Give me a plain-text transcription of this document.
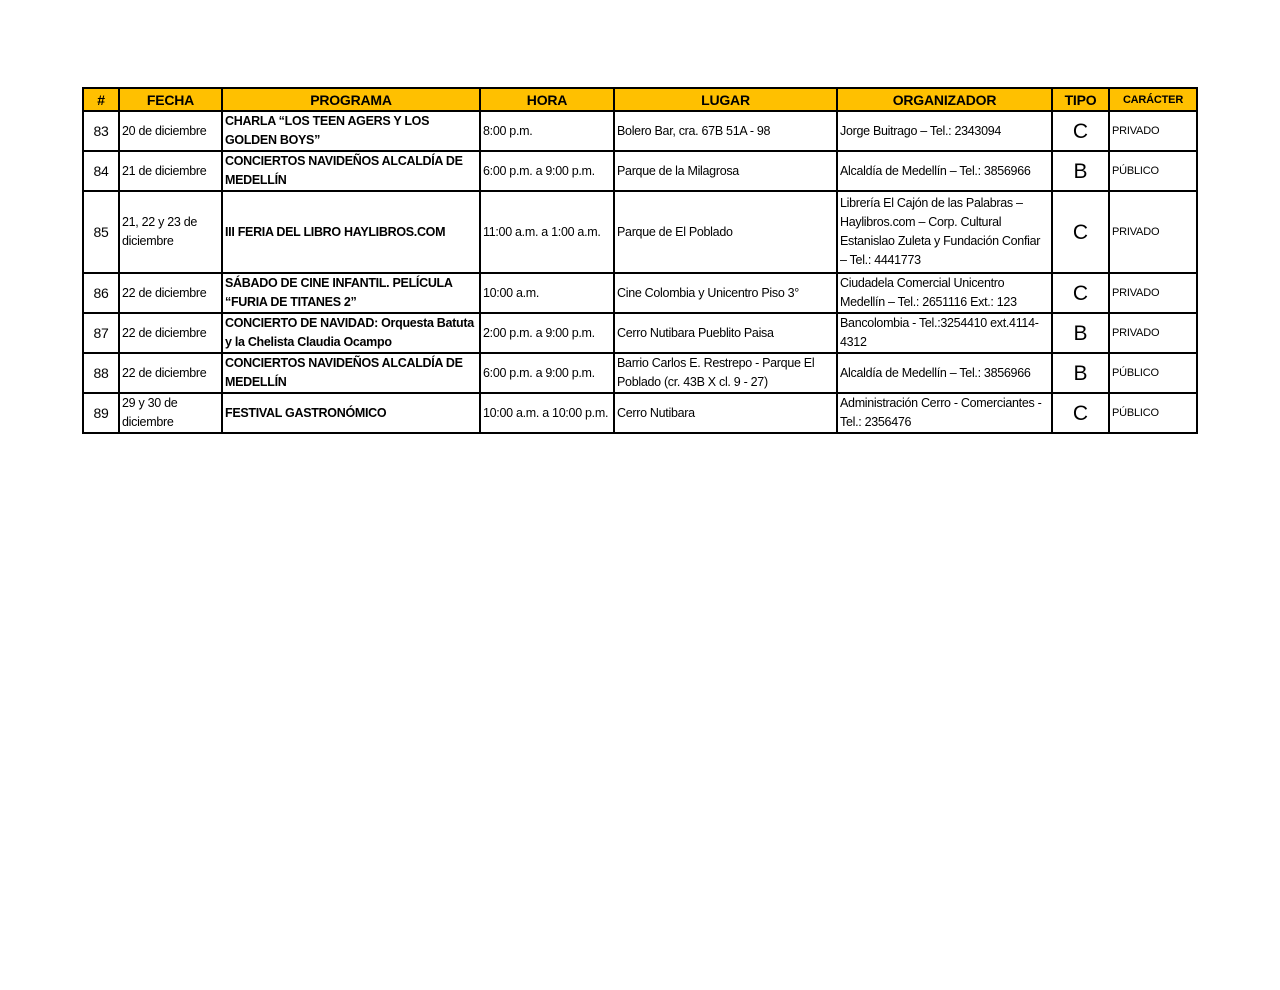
#	FECHA	PROGRAMA	HORA	LUGAR	ORGANIZADOR	TIPO	CARÁCTER
83	20 de diciembre	CHARLA “LOS TEEN AGERS Y LOS GOLDEN BOYS”	8:00 p.m.	Bolero Bar, cra. 67B 51A - 98	Jorge Buitrago – Tel.: 2343094	C	PRIVADO
84	21 de diciembre	CONCIERTOS NAVIDEÑOS ALCALDÍA DE MEDELLÍN	6:00 p.m. a 9:00 p.m.	Parque de la Milagrosa	Alcaldía de Medellín – Tel.: 3856966	B	PÚBLICO
85	21, 22 y 23 de diciembre	III FERIA DEL LIBRO HAYLIBROS.COM	11:00 a.m. a 1:00 a.m.	Parque de El Poblado	Librería El Cajón de las Palabras – Haylibros.com – Corp. Cultural Estanislao Zuleta y Fundación Confiar – Tel.: 4441773	C	PRIVADO
86	22 de diciembre	SÁBADO DE CINE INFANTIL. PELÍCULA “FURIA DE TITANES 2”	10:00 a.m.	Cine Colombia y Unicentro Piso 3°	Ciudadela Comercial Unicentro Medellín – Tel.: 2651116 Ext.: 123	C	PRIVADO
87	22 de diciembre	CONCIERTO DE NAVIDAD: Orquesta Batuta y la Chelista Claudia Ocampo	2:00 p.m. a 9:00 p.m.	Cerro Nutibara Pueblito Paisa	Bancolombia - Tel.:3254410 ext.4114-4312	B	PRIVADO
88	22 de diciembre	CONCIERTOS NAVIDEÑOS ALCALDÍA DE MEDELLÍN	6:00 p.m. a 9:00 p.m.	Barrio Carlos E. Restrepo - Parque El Poblado (cr. 43B X cl. 9 - 27)	Alcaldía de Medellín – Tel.: 3856966	B	PÚBLICO
89	29 y 30 de diciembre	FESTIVAL GASTRONÓMICO	10:00 a.m. a 10:00 p.m.	Cerro Nutibara	Administración Cerro - Comerciantes - Tel.: 2356476	C	PÚBLICO
